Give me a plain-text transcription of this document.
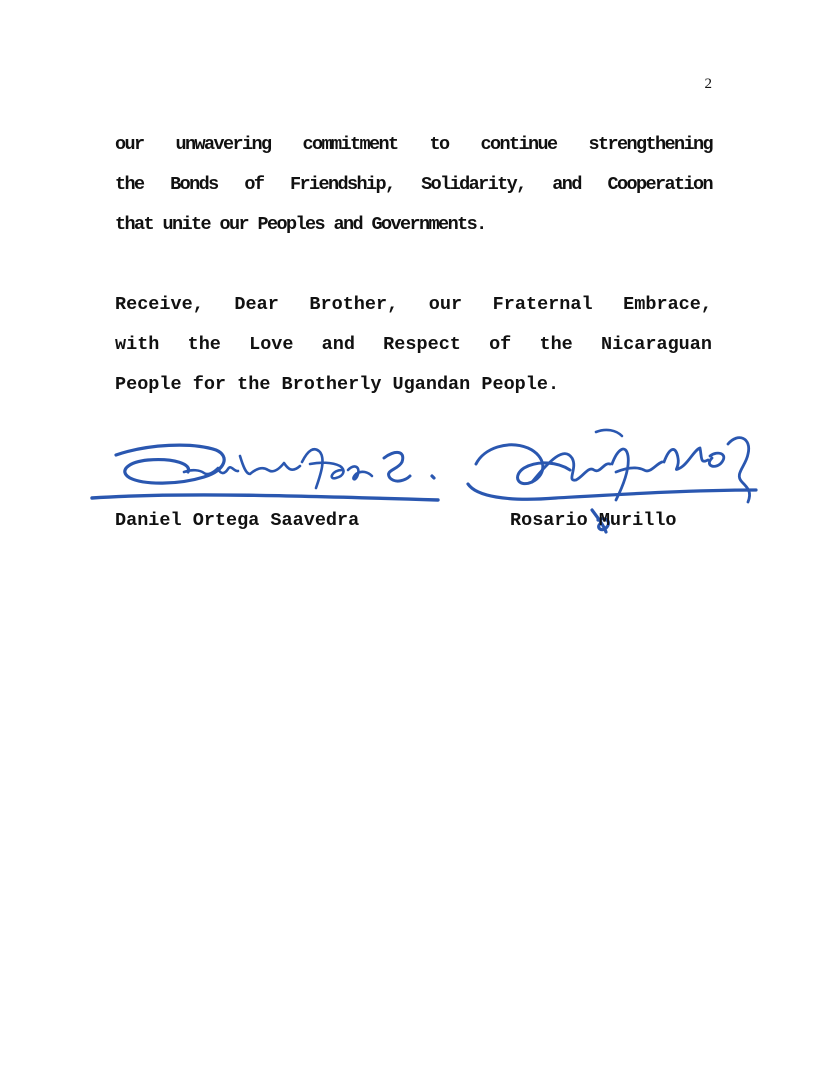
2

our unwavering commitment to continue strengthening
the Bonds of Friendship, Solidarity, and Cooperation
that unite our Peoples and Governments.

Receive, Dear Brother, our Fraternal Embrace,
with the Love and Respect of the Nicaraguan
People for the Brotherly Ugandan People.

Daniel Ortega Saavedra	Rosario Murillo
